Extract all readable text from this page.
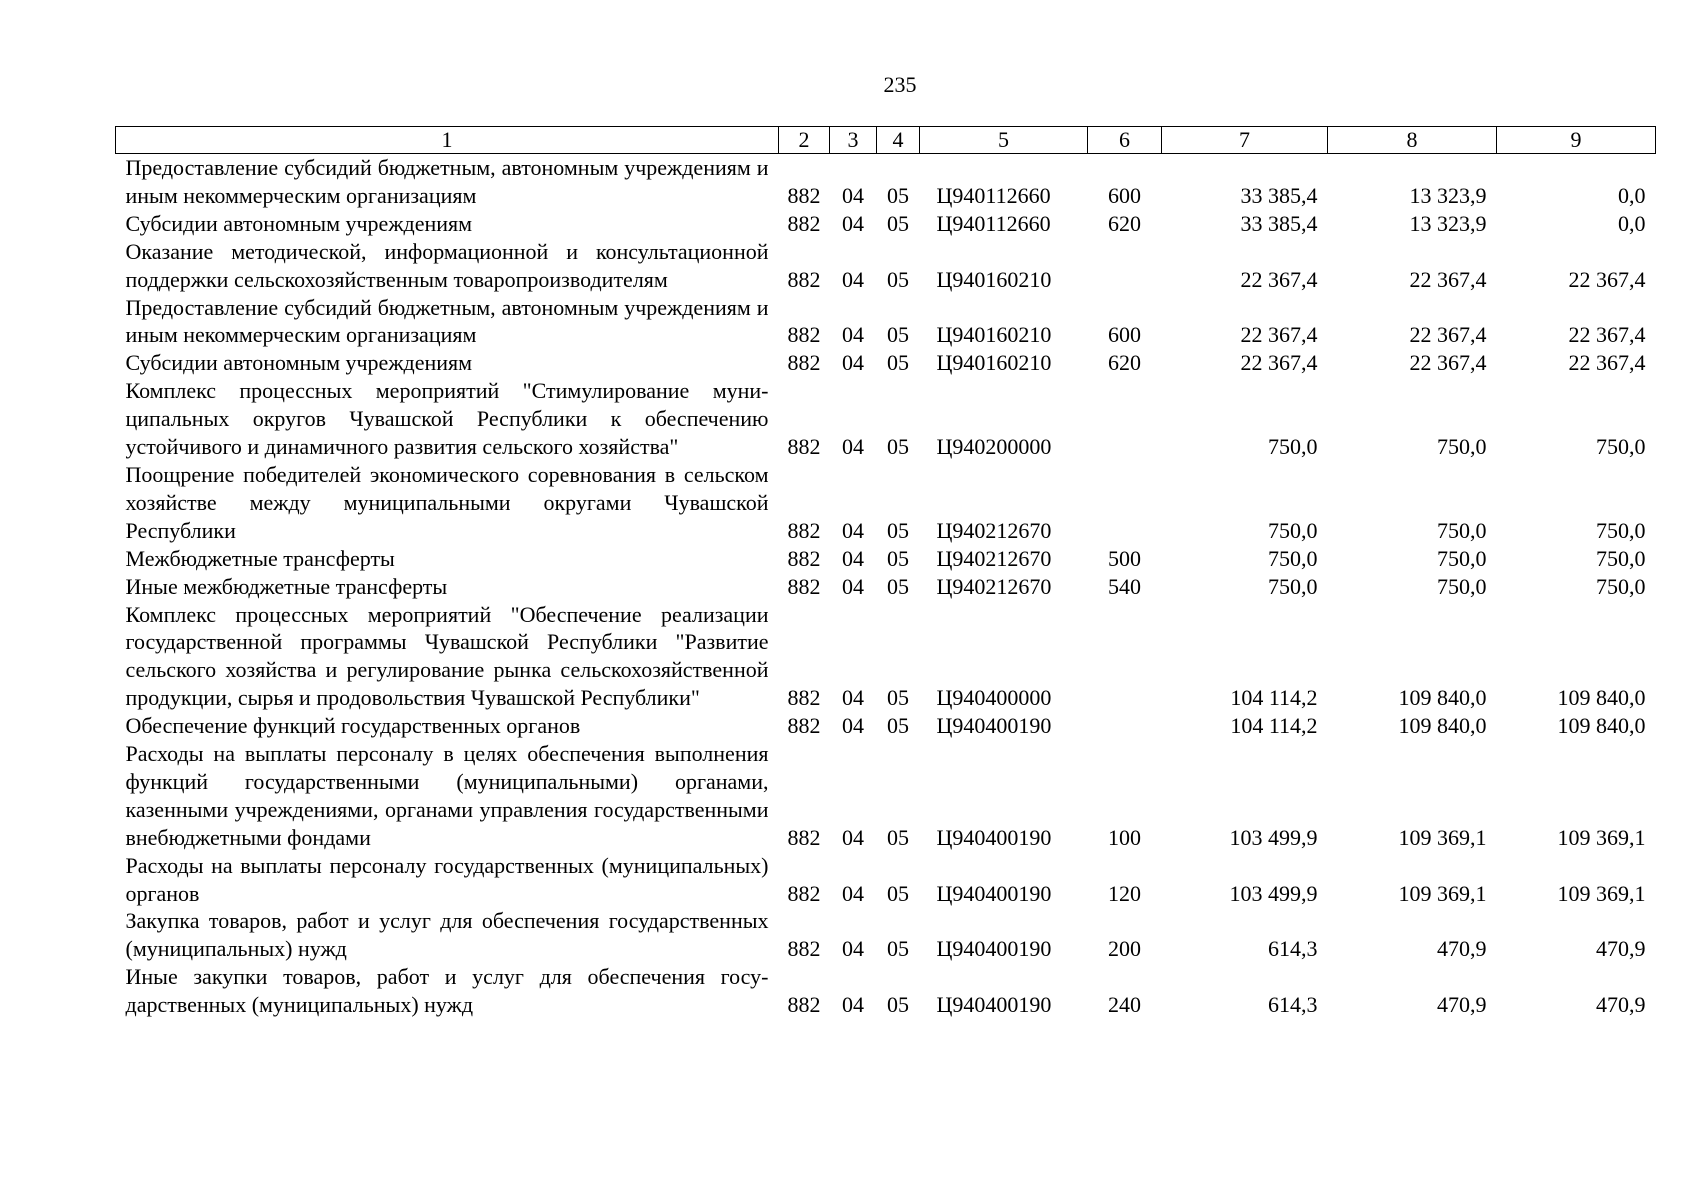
235
1	2	3	4	5	6	7	8	9
Предоставление субсидий бюджетным, автономным учреждениям и иным некоммерческим организациям	882	04	05	Ц940112660	600	33 385,4	13 323,9	0,0
Субсидии автономным учреждениям	882	04	05	Ц940112660	620	33 385,4	13 323,9	0,0
Оказание методической, информационной и консультационной поддержки сельскохозяйственным товаропроизводителям	882	04	05	Ц940160210		22 367,4	22 367,4	22 367,4
Предоставление субсидий бюджетным, автономным учреждениям и иным некоммерческим организациям	882	04	05	Ц940160210	600	22 367,4	22 367,4	22 367,4
Субсидии автономным учреждениям	882	04	05	Ц940160210	620	22 367,4	22 367,4	22 367,4
Комплекс процессных мероприятий "Стимулирование муниципальных округов Чувашской Республики к обеспечению устойчивого и динамичного развития сельского хозяйства"	882	04	05	Ц940200000		750,0	750,0	750,0
Поощрение победителей экономического соревнования в сельском хозяйстве между муниципальными округами Чувашской Республики	882	04	05	Ц940212670		750,0	750,0	750,0
Межбюджетные трансферты	882	04	05	Ц940212670	500	750,0	750,0	750,0
Иные межбюджетные трансферты	882	04	05	Ц940212670	540	750,0	750,0	750,0
Комплекс процессных мероприятий "Обеспечение реализации государственной программы Чувашской Республики "Развитие сельского хозяйства и регулирование рынка сельскохозяйственной продукции, сырья и продовольствия Чувашской Республики"	882	04	05	Ц940400000		104 114,2	109 840,0	109 840,0
Обеспечение функций государственных органов	882	04	05	Ц940400190		104 114,2	109 840,0	109 840,0
Расходы на выплаты персоналу в целях обеспечения выполнения функций государственными (муниципальными) органами, казенными учреждениями, органами управления государственными внебюджетными фондами	882	04	05	Ц940400190	100	103 499,9	109 369,1	109 369,1
Расходы на выплаты персоналу государственных (муниципальных) органов	882	04	05	Ц940400190	120	103 499,9	109 369,1	109 369,1
Закупка товаров, работ и услуг для обеспечения государственных (муниципальных) нужд	882	04	05	Ц940400190	200	614,3	470,9	470,9
Иные закупки товаров, работ и услуг для обеспечения государственных (муниципальных) нужд	882	04	05	Ц940400190	240	614,3	470,9	470,9
